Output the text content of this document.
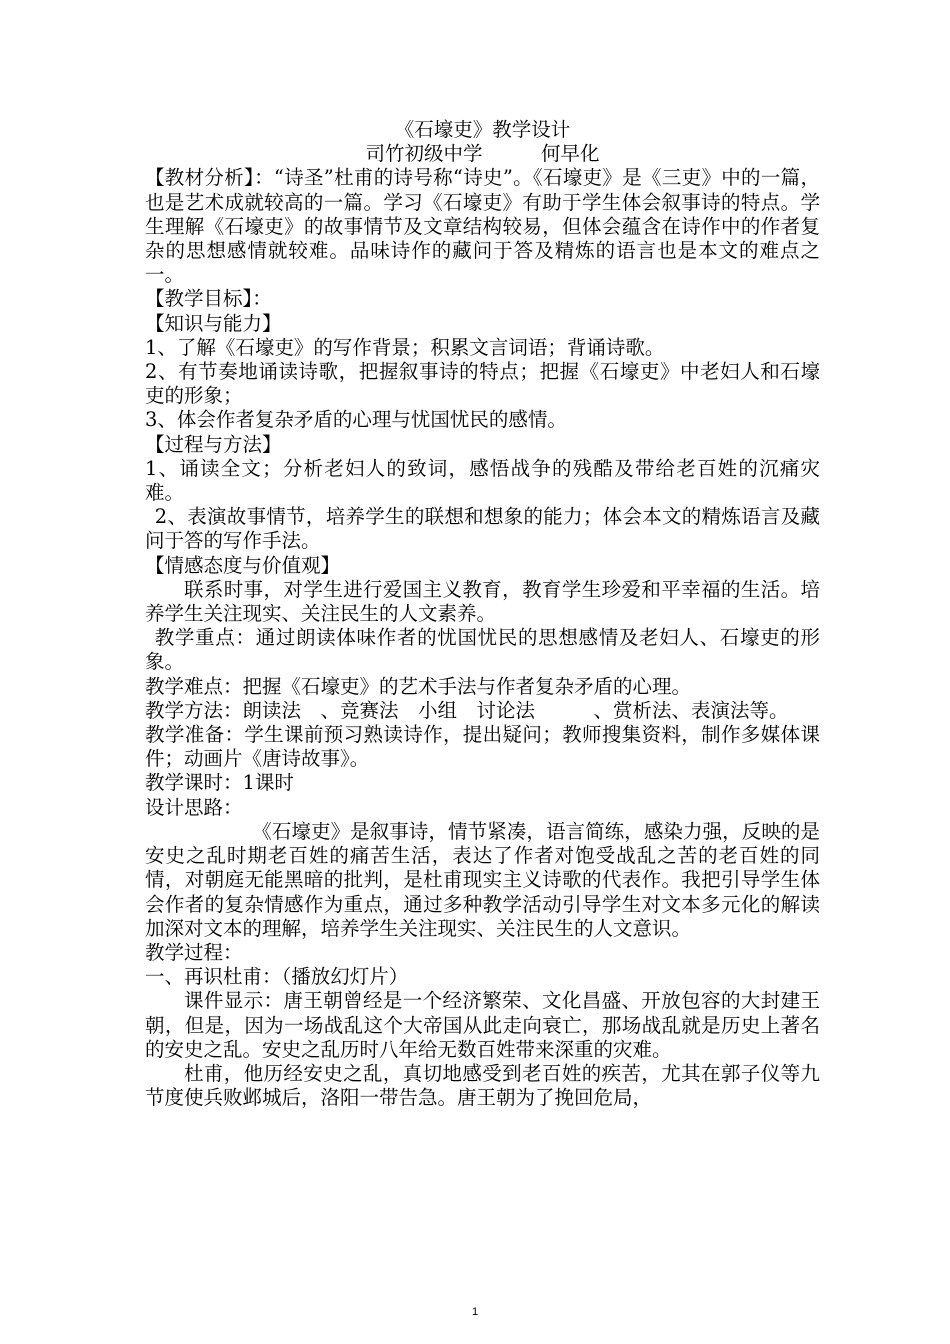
《石壕吏》教学设计

司竹初级中学　　　何早化

【教材分析】：“诗圣”杜甫的诗号称“诗史”。《石壕吏》是《三吏》中的一篇，也是艺术成就较高的一篇。学习《石壕吏》有助于学生体会叙事诗的特点。学生理解《石壕吏》的故事情节及文章结构较易，但体会蕴含在诗作中的作者复杂的思想感情就较难。品味诗作的藏问于答及精炼的语言也是本文的难点之一。

【教学目标】：

【知识与能力】

1、了解《石壕吏》的写作背景；积累文言词语；背诵诗歌。

2、有节奏地诵读诗歌，把握叙事诗的特点；把握《石壕吏》中老妇人和石壕吏的形象；

3、体会作者复杂矛盾的心理与忧国忧民的感情。

【过程与方法】

1、诵读全文；分析老妇人的致词，感悟战争的残酷及带给老百姓的沉痛灾难。

2、表演故事情节，培养学生的联想和想象的能力；体会本文的精炼语言及藏问于答的写作手法。

【情感态度与价值观】

联系时事，对学生进行爱国主义教育，教育学生珍爱和平幸福的生活。培养学生关注现实、关注民生的人文素养。

教学重点：通过朗读体味作者的忧国忧民的思想感情及老妇人、石壕吏的形象。

教学难点：把握《石壕吏》的艺术手法与作者复杂矛盾的心理。

教学方法：朗读法　、竞赛法　小组　讨论法　　　、赏析法、表演法等。

教学准备：学生课前预习熟读诗作，提出疑问；教师搜集资料，制作多媒体课件；动画片《唐诗故事》。

教学课时：1课时

设计思路：

《石壕吏》是叙事诗，情节紧凑，语言简练，感染力强，反映的是安史之乱时期老百姓的痛苦生活，表达了作者对饱受战乱之苦的老百姓的同情，对朝庭无能黑暗的批判，是杜甫现实主义诗歌的代表作。我把引导学生体会作者的复杂情感作为重点，通过多种教学活动引导学生对文本多元化的解读加深对文本的理解，培养学生关注现实、关注民生的人文意识。

教学过程：

一、再识杜甫：（播放幻灯片）

课件显示：唐王朝曾经是一个经济繁荣、文化昌盛、开放包容的大封建王朝，但是，因为一场战乱这个大帝国从此走向衰亡，那场战乱就是历史上著名的安史之乱。安史之乱历时八年给无数百姓带来深重的灾难。

杜甫，他历经安史之乱，真切地感受到老百姓的疾苦，尤其在郭子仪等九节度使兵败邺城后，洛阳一带告急。唐王朝为了挽回危局，

1
